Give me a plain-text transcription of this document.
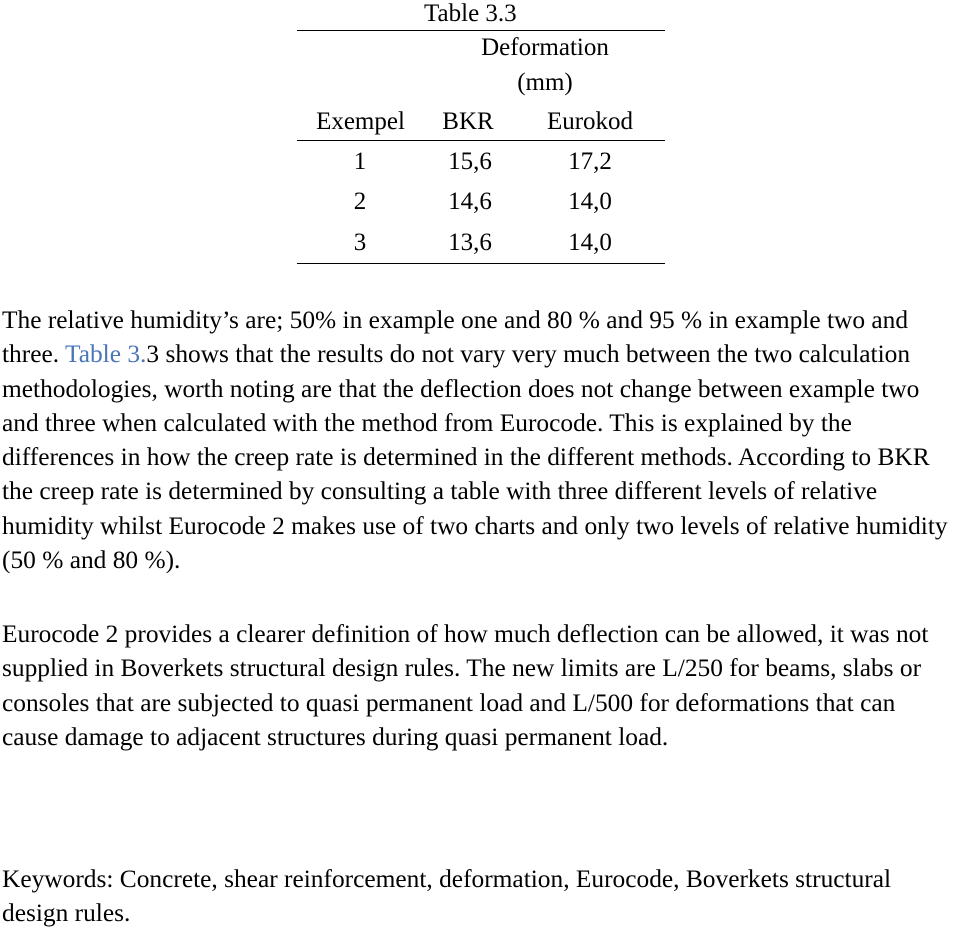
Table 3.3
Deformation
(mm)
Exempel	BKR	Eurokod
1	15,6	17,2
2	14,6	14,0
3	13,6	14,0

The relative humidity’s are; 50% in example one and 80 % and 95 % in example two and three. Table 3.3 shows that the results do not vary very much between the two calculation methodologies, worth noting are that the deflection does not change between example two and three when calculated with the method from Eurocode. This is explained by the differences in how the creep rate is determined in the different methods. According to BKR the creep rate is determined by consulting a table with three different levels of relative humidity whilst Eurocode 2 makes use of two charts and only two levels of relative humidity (50 % and 80 %).

Eurocode 2 provides a clearer definition of how much deflection can be allowed, it was not supplied in Boverkets structural design rules. The new limits are L/250 for beams, slabs or consoles that are subjected to quasi permanent load and L/500 for deformations that can cause damage to adjacent structures during quasi permanent load.

Keywords: Concrete, shear reinforcement, deformation, Eurocode, Boverkets structural design rules.
